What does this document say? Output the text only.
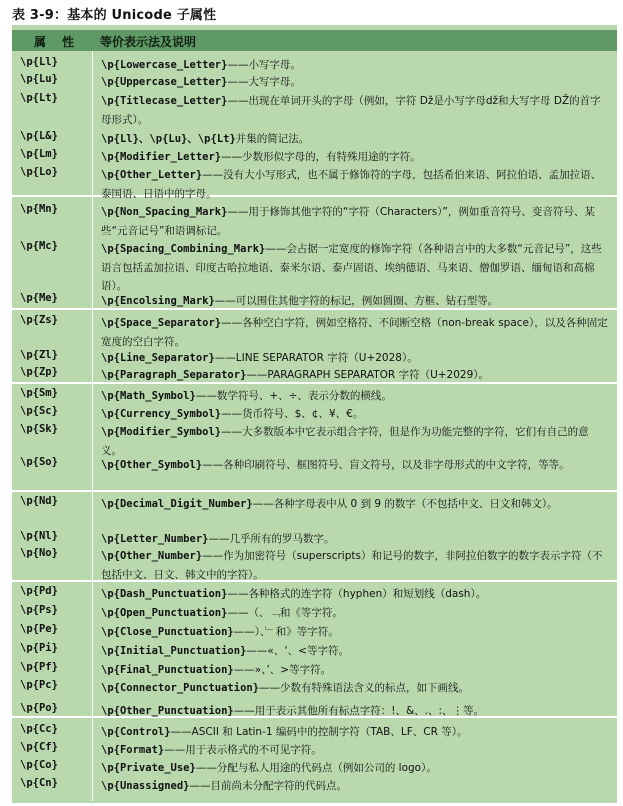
表 3-9：基本的 Unicode 子属性
属 性 等价表示法及说明
\p{Ll}	\p{Lowercase_Letter}——小写字母。
\p{Lu}	\p{Uppercase_Letter}——大写字母。
\p{Lt}	\p{Titlecase_Letter}——出现在单词开头的字母（例如，字符 Dž是小写字母dž和大写字母 DŽ的首字母形式）。
\p{L&}	\p{Ll}、\p{Lu}、\p{Lt}并集的简记法。
\p{Lm}	\p{Modifier_Letter}——少数形似字母的，有特殊用途的字符。
\p{Lo}	\p{Other_Letter}——没有大小写形式，也不属于修饰符的字母，包括希伯来语、阿拉伯语、孟加拉语、泰国语、日语中的字母。
\p{Mn}	\p{Non_Spacing_Mark}——用于修饰其他字符的“字符（Characters）”，例如重音符号、变音符号、某些“元音记号”和语调标记。
\p{Mc}	\p{Spacing_Combining_Mark}——会占据一定宽度的修饰字符（各种语言中的大多数“元音记号”，这些语言包括孟加拉语、印度古哈拉地语、泰米尔语、泰卢固语、埃纳德语、马来语、僧伽罗语、缅甸语和高棉语）。
\p{Me}	\p{Encolsing_Mark}——可以围住其他字符的标记，例如圆圈、方框、钻石型等。
\p{Zs}	\p{Space_Separator}——各种空白字符，例如空格符、不间断空格（non-break space），以及各种固定宽度的空白字符。
\p{Zl}	\p{Line_Separator}——LINE SEPARATOR 字符（U+2028）。
\p{Zp}	\p{Paragraph_Separator}——PARAGRAPH SEPARATOR 字符（U+2029）。
\p{Sm}	\p{Math_Symbol}——数学符号、+、÷、表示分数的横线。
\p{Sc}	\p{Currency_Symbol}——货币符号、$、¢、¥、€。
\p{Sk}	\p{Modifier_Symbol}——大多数版本中它表示组合字符，但是作为功能完整的字符，它们有自己的意义。
\p{So}	\p{Other_Symbol}——各种印刷符号、框图符号、盲文符号，以及非字母形式的中文字符，等等。
\p{Nd}	\p{Decimal_Digit_Number}——各种字母表中从 0 到 9 的数字（不包括中文、日文和韩文）。
\p{Nl}	\p{Letter_Number}——几乎所有的罗马数字。
\p{No}	\p{Other_Number}——作为加密符号（superscripts）和记号的数字，非阿拉伯数字的数字表示字符（不包括中文、日文、韩文中的字符）。
\p{Pd}	\p{Dash_Punctuation}——各种格式的连字符（hyphen）和短划线（dash）。
\p{Ps}	\p{Open_Punctuation}——（、﹁和《等字符。
\p{Pe}	\p{Close_Punctuation}——）、﹂和》等字符。
\p{Pi}	\p{Initial_Punctuation}——«、‘、<等字符。
\p{Pf}	\p{Final_Punctuation}——»、’、>等字符。
\p{Pc}	\p{Connector_Punctuation}——少数有特殊语法含义的标点，如下画线。
\p{Po}	\p{Other_Punctuation}——用于表示其他所有标点字符：!、&、.、:、⋮等。
\p{Cc}	\p{Control}——ASCII 和 Latin-1 编码中的控制字符（TAB、LF、CR 等）。
\p{Cf}	\p{Format}——用于表示格式的不可见字符。
\p{Co}	\p{Private_Use}——分配与私人用途的代码点（例如公司的 logo）。
\p{Cn}	\p{Unassigned}——目前尚未分配字符的代码点。
